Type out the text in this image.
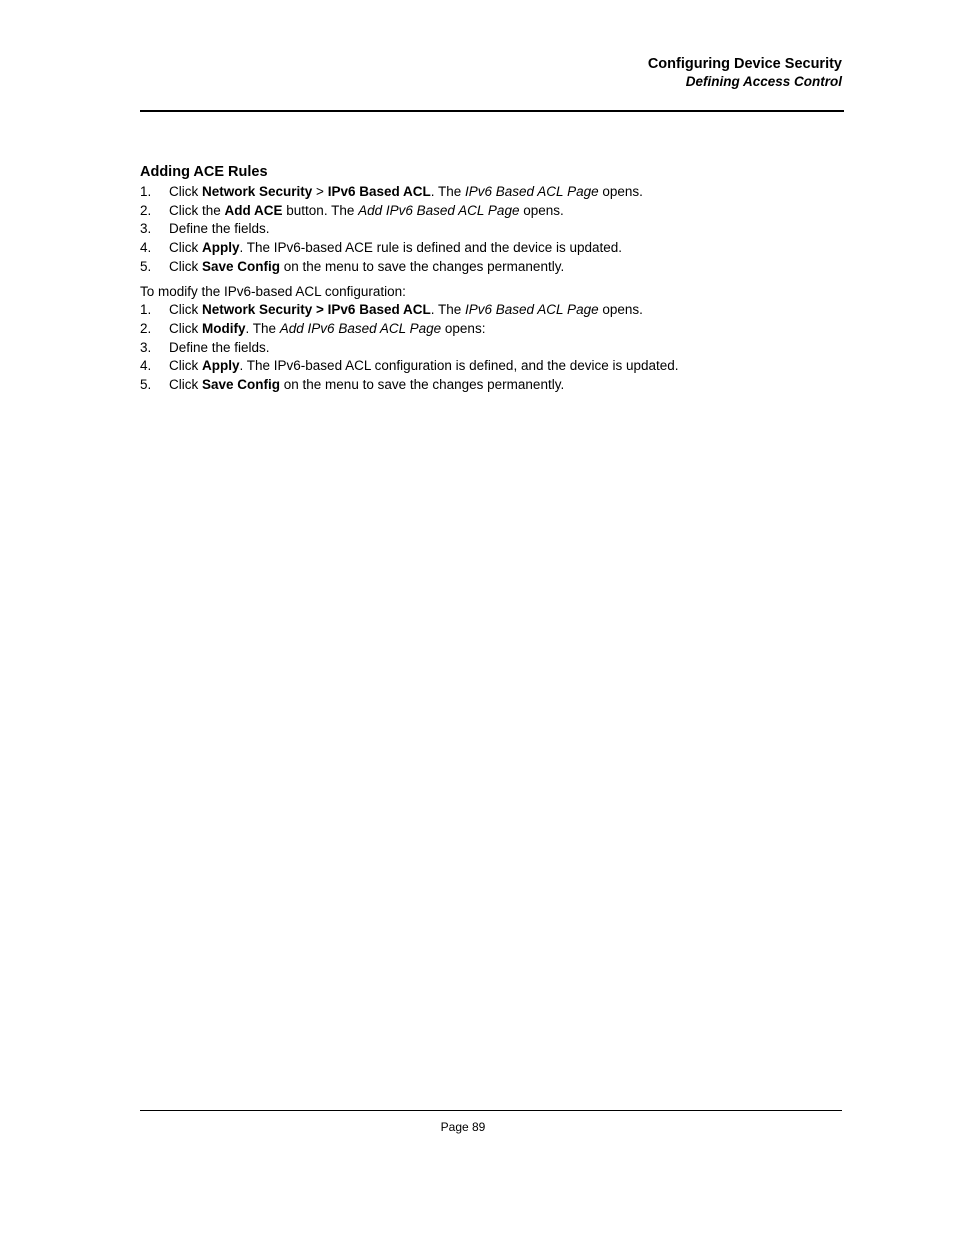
Configuring Device Security
Defining Access Control
Adding ACE Rules
1. Click Network Security > IPv6 Based ACL. The IPv6 Based ACL Page opens.
2. Click the Add ACE button. The Add IPv6 Based ACL Page opens.
3. Define the fields.
4. Click Apply. The IPv6-based ACE rule is defined and the device is updated.
5. Click Save Config on the menu to save the changes permanently.
To modify the IPv6-based ACL configuration:
1. Click Network Security > IPv6 Based ACL. The IPv6 Based ACL Page opens.
2. Click Modify. The Add IPv6 Based ACL Page opens:
3. Define the fields.
4. Click Apply. The IPv6-based ACL configuration is defined, and the device is updated.
5. Click Save Config on the menu to save the changes permanently.
Page 89
